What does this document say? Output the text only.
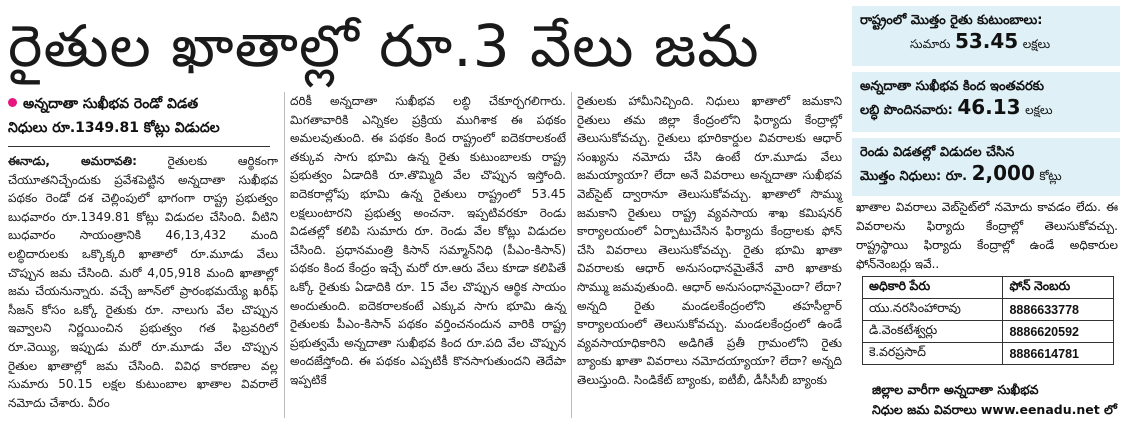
రైతుల ఖాతాల్లో రూ.3 వేలు జమ
అన్నదాతా సుఖీభవ రెండో విడత
నిధులు రూ.1349.81 కోట్లు విడుదల

ఈనాడు, అమరావతి: రైతులకు ఆర్థికంగా చేయూతనిచ్చేందుకు ప్రవేశపెట్టిన అన్నదాతా సుఖీభవ పథకం రెండో దశ చెల్లింపులో భాగంగా రాష్ట్ర ప్రభుత్వం బుధవారం రూ.1349.81 కోట్లు విడుదల చేసింది. వీటిని బుధవారం సాయంత్రానికి 46,13,432 మంది లబ్ధిదారులకు ఒక్కొక్కరి ఖాతాలో రూ.మూడు వేలు చొప్పున జమ చేసింది. మరో 4,05,918 మంది ఖాతాల్లో జమ చేయనున్నారు. వచ్చే జూన్‌లో ప్రారంభమయ్యే ఖరీఫ్ సీజన్ కోసం ఒక్కో రైతుకు రూ. నాలుగు వేల చొప్పున ఇవ్వాలని నిర్ణయించిన ప్రభుత్వం గత ఫిబ్రవరిలో రూ.వెయ్యి, ఇప్పుడు మరో రూ.మూడు వేల చొప్పున రైతుల ఖాతాల్లో జమ చేసింది. వివిధ కారణాల వల్ల సుమారు 50.15 లక్షల కుటుంబాల ఖాతాల వివరాలే నమోదు చేశారు. వీరం

దరికీ అన్నదాతా సుఖీభవ లబ్ధి చేకూర్చగలిగారు. మిగతావారికి ఎన్నికల ప్రక్రియ ముగిశాక ఈ పథకం అమలవుతుంది. ఈ పథకం కింద రాష్ట్రంలో ఐదెకరాలకంటే తక్కువ సాగు భూమి ఉన్న రైతు కుటుంబాలకు రాష్ట్ర ప్రభుత్వం ఏడాదికి రూ.తొమ్మిది వేల చొప్పున ఇస్తోంది. ఐదెకరాల్లోపు భూమి ఉన్న రైతులు రాష్ట్రంలో 53.45 లక్షలుంటారని ప్రభుత్వ అంచనా. ఇప్పటివరకూ రెండు విడతల్లో కలిపి సుమారు రూ. రెండు వేల కోట్లు విడుదల చేసింది. ప్రధానమంత్రి కిసాన్ సమ్మాన్‌నిధి (పీఎం-కిసాన్) పథకం కింద కేంద్రం ఇచ్చే మరో రూ.ఆరు వేలు కూడా కలిపితే ఒక్కో రైతుకు ఏడాదికి రూ. 15 వేల చొప్పున ఆర్థిక సాయం అందుతుంది. ఐదెకరాలకంటే ఎక్కువ సాగు భూమి ఉన్న రైతులకు పీఎం-కిసాన్ పథకం వర్తించనందున వారికి రాష్ట్ర ప్రభుత్వమే అన్నదాతా సుఖీభవ కింద రూ.పది వేల చొప్పున అందజేస్తోంది. ఈ పథకం ఎప్పటికీ కొనసాగుతుందని తెదేపా ఇప్పటికే

రైతులకు హామీనిచ్చింది. నిధులు ఖాతాలో జమకాని రైతులు తమ జిల్లా కేంద్రంలోని ఫిర్యాదు కేంద్రాల్లో తెలుసుకోవచ్చు. రైతులు భూరికార్డుల వివరాలకు ఆధార్ సంఖ్యను నమోదు చేసి ఉంటే రూ.మూడు వేలు జమయ్యాయా? లేదా అనే వివరాలు అన్నదాతా సుఖీభవ వెబ్‌సైట్ ద్వారానూ తెలుసుకోవచ్చు. ఖాతాలో సొమ్ము జమకాని రైతులు రాష్ట్ర వ్యవసాయ శాఖ కమిషనర్ కార్యాలయంలో ఏర్పాటుచేసిన ఫిర్యాదు కేంద్రాలకు ఫోన్ చేసి వివరాలు తెలుసుకోవచ్చు. రైతు భూమి ఖాతా వివరాలకు ఆధార్ అనుసంధానమైతేనే వారి ఖాతాకు సొమ్ము జమవుతుంది. ఆధార్ అనుసంధానమైందా? లేదా? అన్నది రైతు మండలకేంద్రంలోని తహసీల్దార్ కార్యాలయంలో తెలుసుకోవచ్చు. మండలకేంద్రంలో ఉండే వ్యవసాయాధికారిని అడిగితే ప్రతీ గ్రామంలోని రైతు బ్యాంకు ఖాతా వివరాలు నమోదయ్యాయా? లేదా? అన్నది తెలుస్తుంది. సిండికేట్ బ్యాంకు, ఐటీబీ, డీసీసీబీ బ్యాంకు

రాష్ట్రంలో మొత్తం రైతు కుటుంబాలు:
సుమారు 53.45 లక్షలు
అన్నదాతా సుఖీభవ కింద ఇంతవరకు
లబ్ధి పొందినవారు: 46.13 లక్షలు
రెండు విడతల్లో విడుదల చేసిన
మొత్తం నిధులు: రూ. 2,000 కోట్లు
ఖాతాల వివరాలు వెబ్‌సైట్‌లో నమోదు కావడం లేదు. ఈ వివరాలను ఫిర్యాదు కేంద్రాల్లో తెలుసుకోవచ్చు. రాష్ట్రస్థాయి ఫిర్యాదు కేంద్రాల్లో ఉండే అధికారుల ఫోన్‌నెంబర్లు ఇవే..
అధికారి పేరు	ఫోన్ నెంబరు
యు.నరసింహారావు	8886633778
డి.వెంకటేశ్వర్లు	8886620592
కె.వరప్రసాద్	8886614781
జిల్లాల వారీగా అన్నదాతా సుఖీభవ
నిధుల జమ వివరాలు www.eenadu.net లో
